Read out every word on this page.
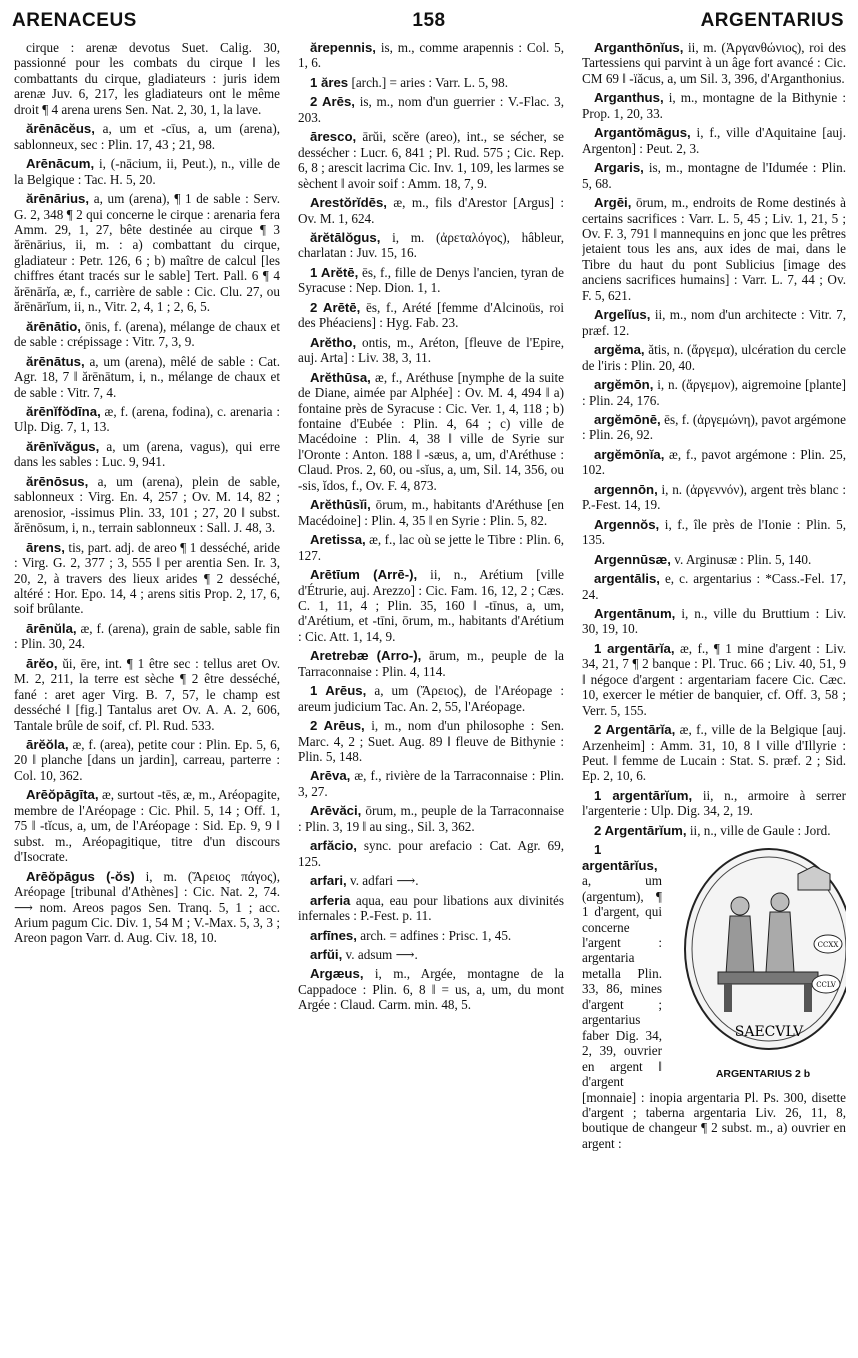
ARENACEUS	158	ARGENTARIUS

cirque : arenæ devotus Suet. Calig. 30, passionné pour les combats du cirque ‖ les combattants du cirque, gladiateurs : juris idem arenæ Juv. 6, 217, les gladiateurs ont le même droit ¶ 4 arena urens Sen. Nat. 2, 30, 1, la lave.

ărēnācĕus, a, um et -cīus, a, um (arena), sablonneux, sec : Plin. 17, 43 ; 21, 98.

Arēnācum, i, (-nācium, ii, Peut.), n., ville de la Belgique : Tac. H. 5, 20.

ărēnārius, a, um (arena), ¶ 1 de sable : Serv. G. 2, 348 ¶ 2 qui concerne le cirque : arenaria fera Amm. 29, 1, 27, bête destinée au cirque ¶ 3 ărēnārius, ii, m. : a) combattant du cirque, gladiateur : Petr. 126, 6 ; b) maître de calcul [les chiffres étant tracés sur le sable] Tert. Pall. 6 ¶ 4 ărēnārĭa, æ, f., carrière de sable : Cic. Clu. 27, ou ărēnārĭum, ii, n., Vitr. 2, 4, 1 ; 2, 6, 5.

ărēnātio, ōnis, f. (arena), mélange de chaux et de sable : crépissage : Vitr. 7, 3, 9.

ărēnātus, a, um (arena), mêlé de sable : Cat. Agr. 18, 7 ‖ ărēnātum, i, n., mélange de chaux et de sable : Vitr. 7, 4.

ărēnĭfŏdīna, æ, f. (arena, fodina), c. arenaria : Ulp. Dig. 7, 1, 13.

ărēnĭvăgus, a, um (arena, vagus), qui erre dans les sables : Luc. 9, 941.

ărēnōsus, a, um (arena), plein de sable, sablonneux : Virg. En. 4, 257 ; Ov. M. 14, 82 ; arenosior, -issimus Plin. 33, 101 ; 27, 20 ‖ subst. ărēnōsum, i, n., terrain sablonneux : Sall. J. 48, 3.

ārens, tis, part. adj. de areo ¶ 1 desséché, aride : Virg. G. 2, 377 ; 3, 555 ‖ per arentia Sen. Ir. 3, 20, 2, à travers des lieux arides ¶ 2 desséché, altéré : Hor. Epo. 14, 4 ; arens sitis Prop. 2, 17, 6, soif brûlante.

ārēnŭla, æ, f. (arena), grain de sable, sable fin : Plin. 30, 24.

ārĕo, ŭi, ēre, int. ¶ 1 être sec : tellus aret Ov. M. 2, 211, la terre est sèche ¶ 2 être desséché, fané : aret ager Virg. B. 7, 57, le champ est desséché ‖ [fig.] Tantalus aret Ov. A. A. 2, 606, Tantale brûle de soif, cf. Pl. Rud. 533.

ārĕŏla, æ, f. (area), petite cour : Plin. Ep. 5, 6, 20 ‖ planche [dans un jardin], carreau, parterre : Col. 10, 362.

Arēŏpāgīta, æ, surtout -tēs, æ, m., Aréopagite, membre de l'Aréopage : Cic. Phil. 5, 14 ; Off. 1, 75 ‖ -tĭcus, a, um, de l'Aréopage : Sid. Ep. 9, 9 ‖ subst. m., Aréopagitique, titre d'un discours d'Isocrate.

Arēŏpāgus (-ŏs) i, m. (Ἄρειος πάγος), Aréopage [tribunal d'Athènes] : Cic. Nat. 2, 74. ⟶ nom. Areos pagos Sen. Tranq. 5, 1 ; acc. Arium pagum Cic. Div. 1, 54 M ; V.-Max. 5, 3, 3 ; Areon pagon Varr. d. Aug. Civ. 18, 10.

ărepennis, is, m., comme arapennis : Col. 5, 1, 6.

1 ăres [arch.] = aries : Varr. L. 5, 98.

2 Arēs, is, m., nom d'un guerrier : V.-Flac. 3, 203.

āresco, ārŭi, scĕre (areo), int., se sécher, se dessécher : Lucr. 6, 841 ; Pl. Rud. 575 ; Cic. Rep. 6, 8 ; arescit lacrima Cic. Inv. 1, 109, les larmes se sèchent ‖ avoir soif : Amm. 18, 7, 9.

Arestŏrĭdēs, æ, m., fils d'Arestor [Argus] : Ov. M. 1, 624.

ărĕtālŏgus, i, m. (ἀρεταλόγος), hâbleur, charlatan : Juv. 15, 16.

1 Arĕtē, ēs, f., fille de Denys l'ancien, tyran de Syracuse : Nep. Dion. 1, 1.

2 Arētē, ēs, f., Arété [femme d'Alcinoüs, roi des Phéaciens] : Hyg. Fab. 23.

Arĕtho, ontis, m., Aréton, [fleuve de l'Epire, auj. Arta] : Liv. 38, 3, 11.

Arĕthūsa, æ, f., Aréthuse [nymphe de la suite de Diane, aimée par Alphée] : Ov. M. 4, 494 ‖ a) fontaine près de Syracuse : Cic. Ver. 1, 4, 118 ; b) fontaine d'Eubée : Plin. 4, 64 ; c) ville de Macédoine : Plin. 4, 38 ‖ ville de Syrie sur l'Oronte : Anton. 188 ‖ -sæus, a, um, d'Aréthuse : Claud. Pros. 2, 60, ou -sĭus, a, um, Sil. 14, 356, ou -sis, ĭdos, f., Ov. F. 4, 873.

Arĕthūsĭi, ōrum, m., habitants d'Aréthuse [en Macédoine] : Plin. 4, 35 ‖ en Syrie : Plin. 5, 82.

Aretissa, æ, f., lac où se jette le Tibre : Plin. 6, 127.

Arētīum (Arrē-), ii, n., Arétium [ville d'Étrurie, auj. Arezzo] : Cic. Fam. 16, 12, 2 ; Cæs. C. 1, 11, 4 ; Plin. 35, 160 ‖ -tīnus, a, um, d'Arétium, et -tīni, ōrum, m., habitants d'Arétium : Cic. Att. 1, 14, 9.

Aretrebæ (Arro-), ārum, m., peuple de la Tarraconnaise : Plin. 4, 114.

1 Arēus, a, um (Ἄρειος), de l'Aréopage : areum judicium Tac. An. 2, 55, l'Aréopage.

2 Arēus, i, m., nom d'un philosophe : Sen. Marc. 4, 2 ; Suet. Aug. 89 ‖ fleuve de Bithynie : Plin. 5, 148.

Arēva, æ, f., rivière de la Tarraconnaise : Plin. 3, 27.

Arēvăci, ōrum, m., peuple de la Tarraconnaise : Plin. 3, 19 ‖ au sing., Sil. 3, 362.

arfăcio, sync. pour arefacio : Cat. Agr. 69, 125.

arfari, v. adfari ⟶.

arferia aqua, eau pour libations aux divinités infernales : P.-Fest. p. 11.

arfīnes, arch. = adfines : Prisc. 1, 45.

arfŭi, v. adsum ⟶.

Argæus, i, m., Argée, montagne de la Cappadoce : Plin. 6, 8 ‖ = us, a, um, du mont Argée : Claud. Carm. min. 48, 5.

Arganthōnĭus, ii, m. (Ἀργανθώνιος), roi des Tartessiens qui parvint à un âge fort avancé : Cic. CM 69 ‖ -ïăcus, a, um Sil. 3, 396, d'Arganthonius.

Arganthus, i, m., montagne de la Bithynie : Prop. 1, 20, 33.

Argantŏmāgus, i, f., ville d'Aquitaine [auj. Argenton] : Peut. 2, 3.

Argaris, is, m., montagne de l'Idumée : Plin. 5, 68.

Argēi, ōrum, m., endroits de Rome destinés à certains sacrifices : Varr. L. 5, 45 ; Liv. 1, 21, 5 ; Ov. F. 3, 791 ‖ mannequins en jonc que les prêtres jetaient tous les ans, aux ides de mai, dans le Tibre du haut du pont Sublicius [image des anciens sacrifices humains] : Varr. L. 7, 44 ; Ov. F. 5, 621.

Argelĭus, ii, m., nom d'un architecte : Vitr. 7, præf. 12.

argĕma, ătis, n. (ἄργεμα), ulcération du cercle de l'iris : Plin. 20, 40.

argĕmōn, i, n. (ἄργεμον), aigremoine [plante] : Plin. 24, 176.

argĕmōnē, ēs, f. (ἀργεμώνη), pavot argémone : Plin. 26, 92.

argĕmōnĭa, æ, f., pavot argémone : Plin. 25, 102.

argennōn, i, n. (ἀργεννόν), argent très blanc : P.-Fest. 14, 19.

Argennŏs, i, f., île près de l'Ionie : Plin. 5, 135.

Argennūsæ, v. Arginusæ : Plin. 5, 140.

argentālis, e, c. argentarius : *Cass.-Fel. 17, 24.

Argentānum, i, n., ville du Bruttium : Liv. 30, 19, 10.

1 argentārĭa, æ, f., ¶ 1 mine d'argent : Liv. 34, 21, 7 ¶ 2 banque : Pl. Truc. 66 ; Liv. 40, 51, 9 ‖ négoce d'argent : argentariam facere Cic. Cæc. 10, exercer le métier de banquier, cf. Off. 3, 58 ; Verr. 5, 155.

2 Argentārĭa, æ, f., ville de la Belgique [auj. Arzenheim] : Amm. 31, 10, 8 ‖ ville d'Illyrie : Peut. ‖ femme de Lucain : Stat. S. præf. 2 ; Sid. Ep. 2, 10, 6.

1 argentārĭum, ii, n., armoire à serrer l'argenterie : Ulp. Dig. 34, 2, 19.

2 Argentārĭum, ii, n., ville de Gaule : Jord.

CCXX
CCLV
SAECVLV
ARGENTARIUS 2 b
1 argentārĭus, a, um (argentum), ¶ 1 d'argent, qui concerne l'argent : argentaria metalla Plin. 33, 86, mines d'argent ; argentarius faber Dig. 34, 2, 39, ouvrier en argent ‖ d'argent [monnaie] : inopia argentaria Pl. Ps. 300, disette d'argent ; taberna argentaria Liv. 26, 11, 8, boutique de changeur ¶ 2 subst. m., a) ouvrier en argent :
